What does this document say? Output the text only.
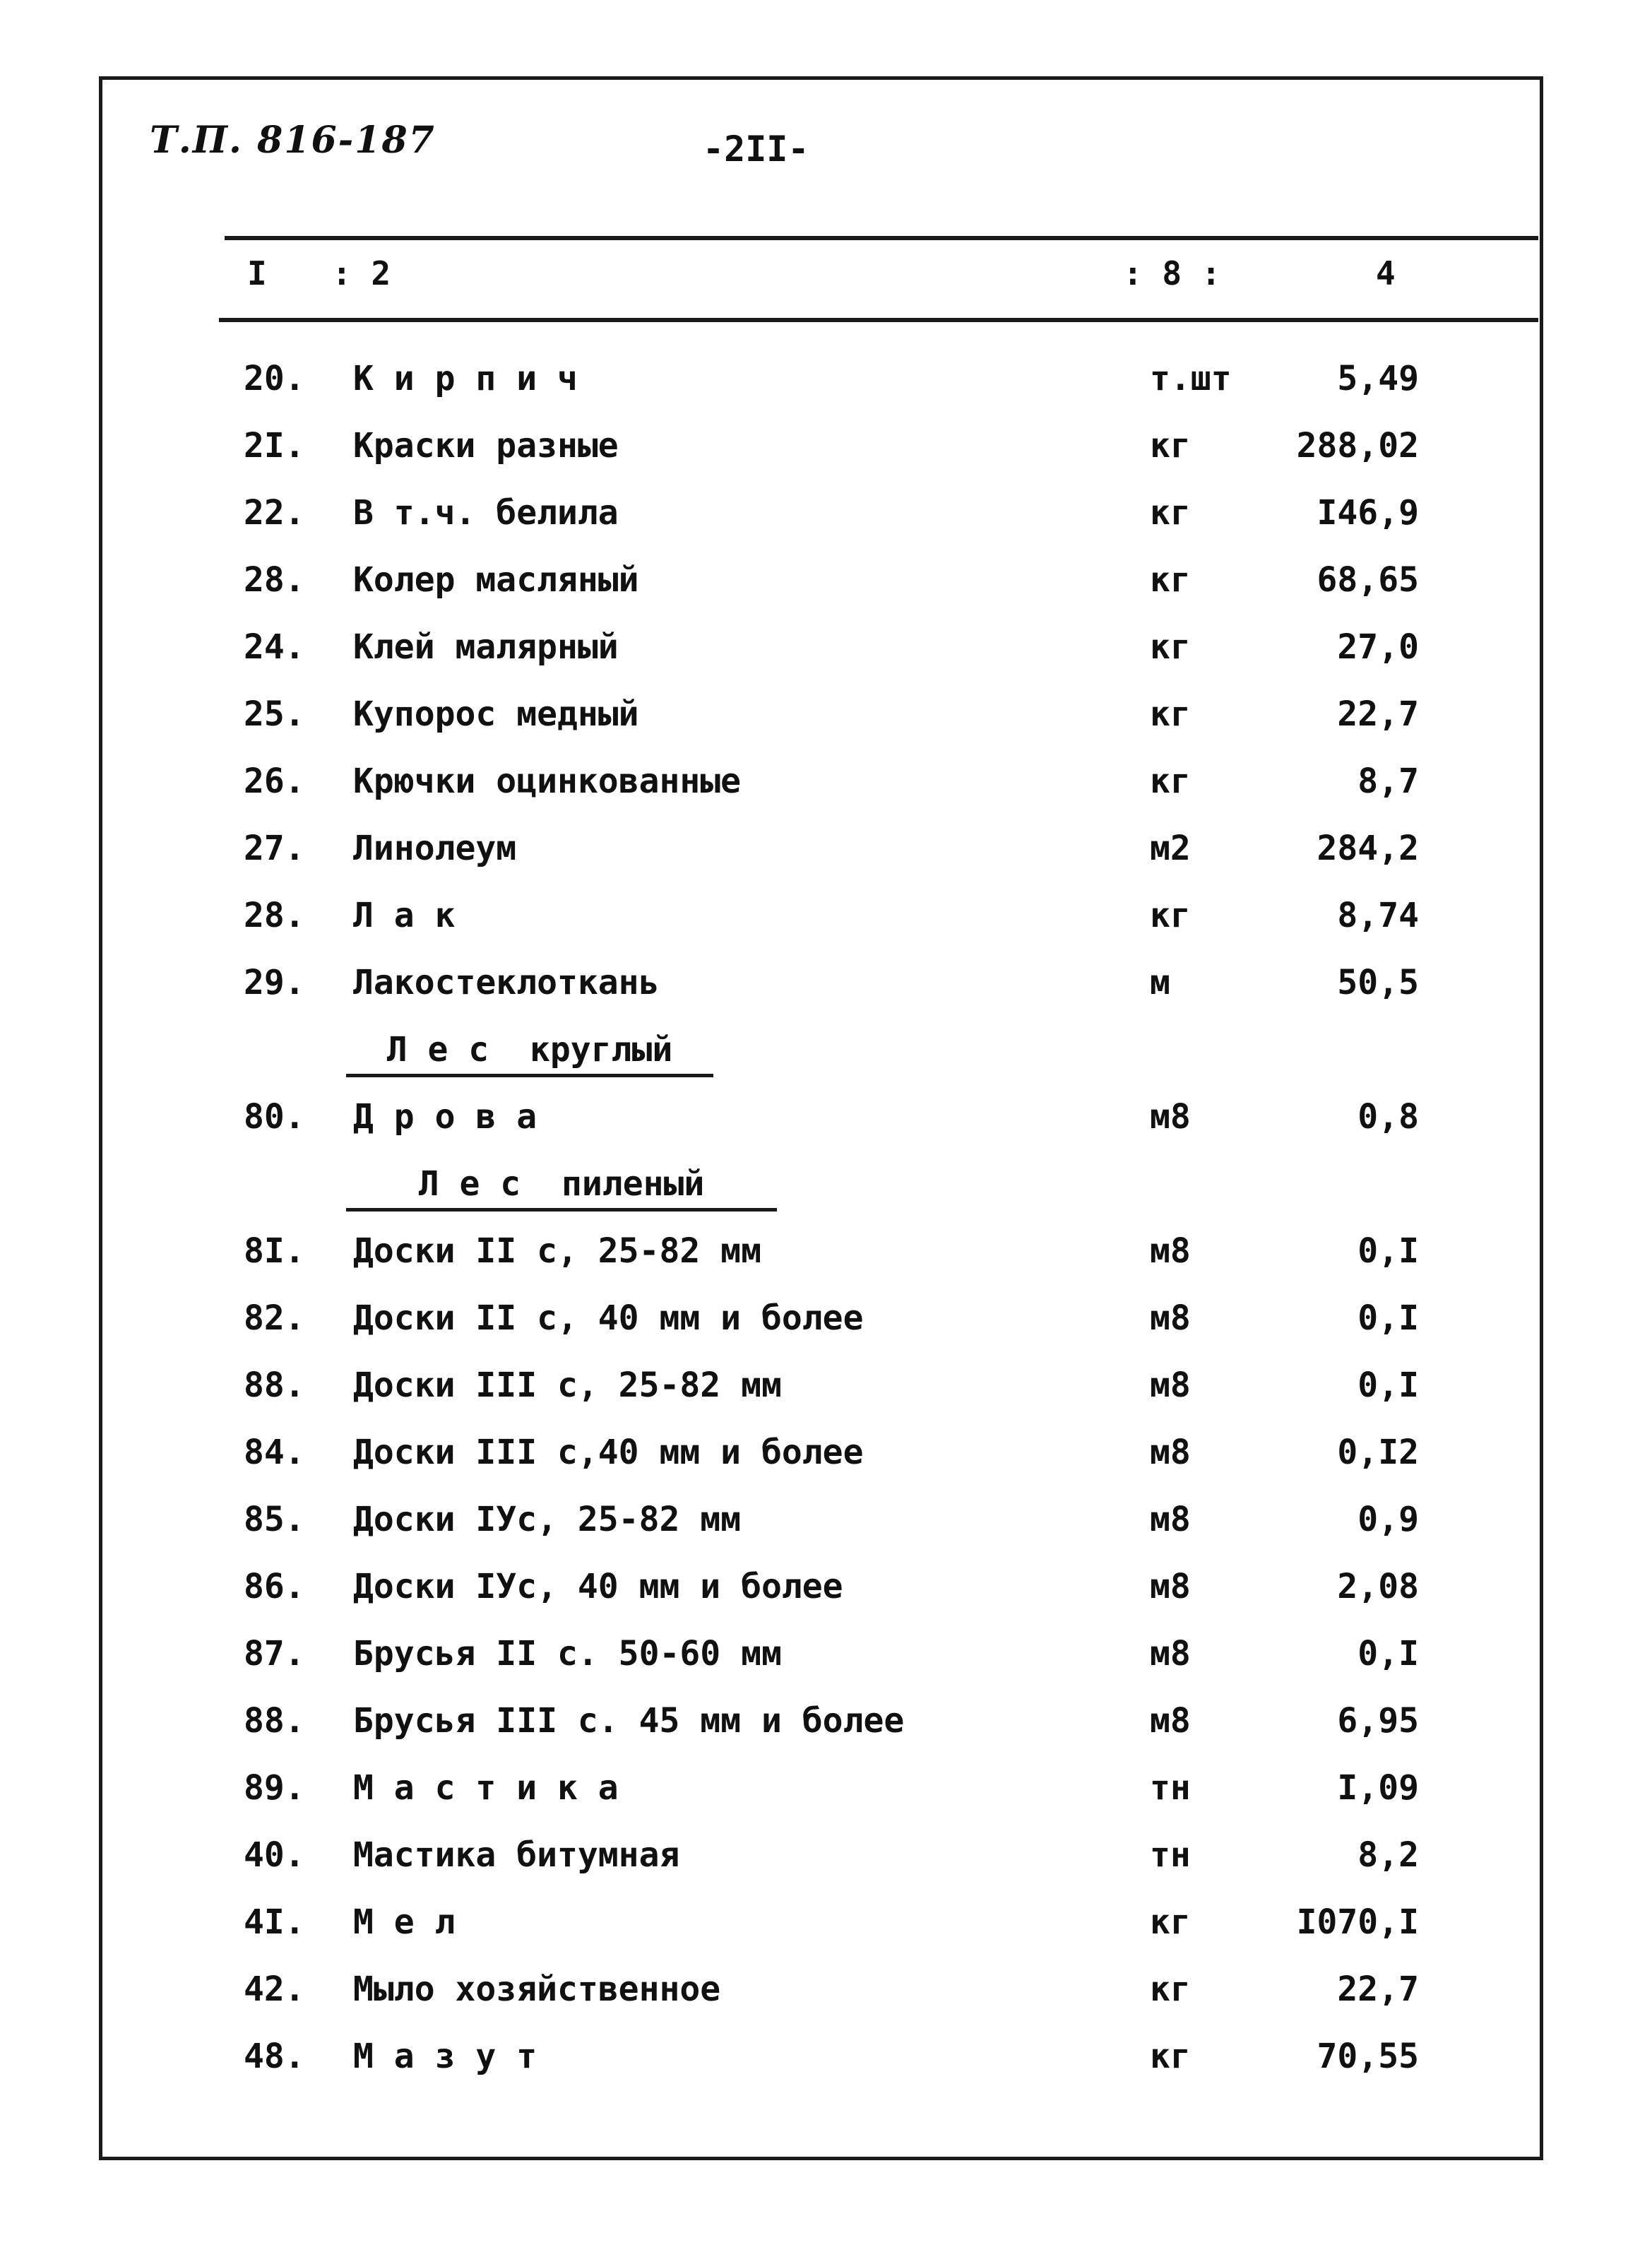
Т.П. 816-187	-2II-
I : 2	: 8 :	4
20. К и р п и ч	т.шт	5,49
2I. Краски разные	кг	288,02
22. В т.ч. белила	кг	I46,9
28. Колер масляный	кг	68,65
24. Клей малярный	кг	27,0
25. Купорос медный	кг	22,7
26. Крючки оцинкованные	кг	8,7
27. Линолеум	м2	284,2
28. Л а к	кг	8,74
29. Лакостеклоткань	м	50,5
Л е с  круглый
80. Д р о в а	м8	0,8
Л е с  пиленый
8I. Доски II с, 25-82 мм	м8	0,I
82. Доски II с, 40 мм и более	м8	0,I
88. Доски III с, 25-82 мм	м8	0,I
84. Доски III с,40 мм и более	м8	0,I2
85. Доски IУс, 25-82 мм	м8	0,9
86. Доски IУс, 40 мм и более	м8	2,08
87. Брусья II с. 50-60 мм	м8	0,I
88. Брусья III с. 45 мм и более	м8	6,95
89. М а с т и к а	тн	I,09
40. Мастика битумная	тн	8,2
4I. М е л	кг	I070,I
42. Мыло хозяйственное	кг	22,7
48. М а з у т	кг	70,55
